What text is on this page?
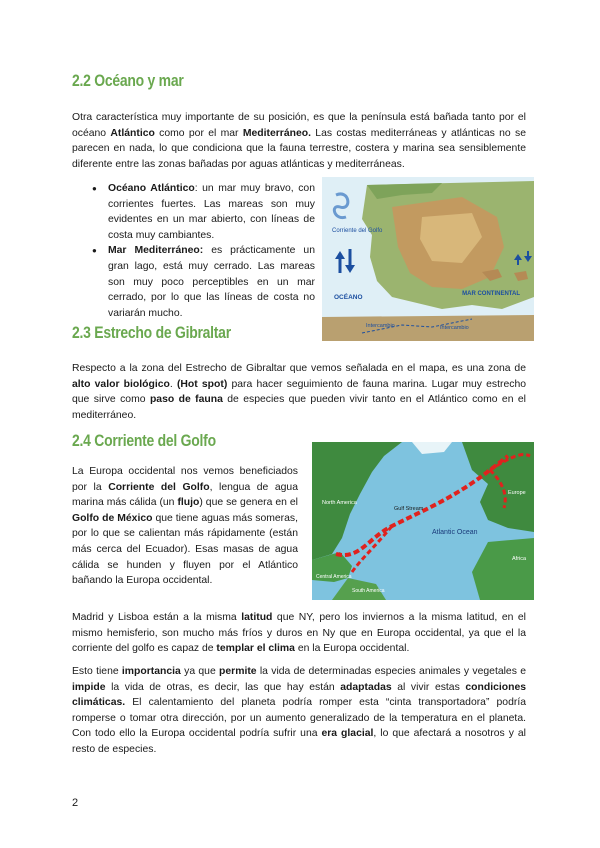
2.2 Océano y mar

Otra característica muy importante de su posición, es que la península está bañada tanto por el océano Atlántico como por el mar Mediterráneo. Las costas mediterráneas y atlánticas no se parecen en nada, lo que condiciona que la fauna terrestre, costera y marina sea sensiblemente diferente entre las zonas bañadas por aguas atlánticas y mediterráneas.

● Océano Atlántico: un mar muy bravo, con corrientes fuertes. Las mareas son muy evidentes en un mar abierto, con líneas de costa muy cambiantes.
● Mar Mediterráneo: es prácticamente un gran lago, está muy cerrado. Las mareas son muy poco perceptibles en un mar cerrado, por lo que las líneas de costa no variarán mucho.
Corriente del Golfo
OCÉANO	MAR CONTINENTAL
Intercambio	Intercambio
2.3 Estrecho de Gibraltar

Respecto a la zona del Estrecho de Gibraltar que vemos señalada en el mapa, es una zona de alto valor biológico. (Hot spot) para hacer seguimiento de fauna marina. Lugar muy estrecho que sirve como paso de fauna de especies que pueden vivir tanto en el Atlántico como en el mediterráneo.

2.4 Corriente del Golfo

La Europa occidental nos vemos beneficiados por la Corriente del Golfo, lengua de agua marina más cálida (un flujo) que se genera en el Golfo de México que tiene aguas más someras, por lo que se calientan más rápidamente (están más cerca del Ecuador). Esas masas de agua cálida se hunden y fluyen por el Atlántico bañando la Europa occidental.

North America
Gulf Stream
Atlantic Ocean
Europe
Africa
Central America
South America

Madrid y Lisboa están a la misma latitud que NY, pero los inviernos a la misma latitud, en el mismo hemisferio, son mucho más fríos y duros en Ny que en Europa occidental, ya que el la corriente del golfo es capaz de templar el clima en la Europa occidental.

Esto tiene importancia ya que permite la vida de determinadas especies animales y vegetales e impide la vida de otras, es decir, las que hay están adaptadas al vivir estas condiciones climáticas. El calentamiento del planeta podría romper esta “cinta transportadora” podría romperse o tomar otra dirección, por un aumento generalizado de la temperatura en el planeta. Con todo ello la Europa occidental podría sufrir una era glacial, lo que afectará a nosotros y al resto de especies.

2
